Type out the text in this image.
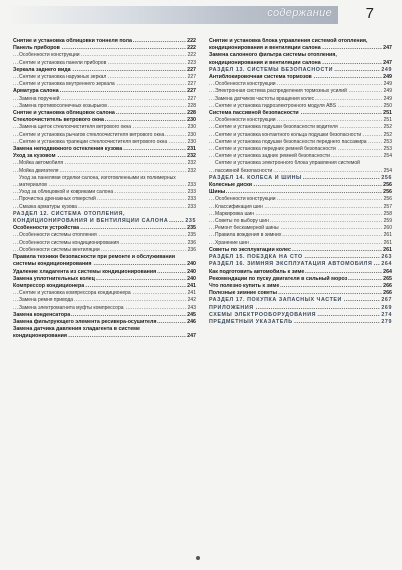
содержание 7
..... Снятие и установка облицовки тоннеля пола	222
..... Панель приборов	222
..... Особенности конструкции	222
..... Снятие и установка панели приборов	223
..... Зеркала заднего вида	227
..... Снятие и установка наружных зеркал	227
..... Снятие и установка внутреннего зеркала	227
..... Арматура салона	227
..... Замена поручней	227
..... Замена противосолнечных козырьков	228
..... Снятие и установка облицовок салона	228
..... Стеклоочиститель ветрового окна	230
..... Замена щеток стеклоочистителя ветрового окна	230
..... Снятие и установка рычагов стеклоочистителя ветрового окна	230
..... Снятие и установка трапеции стеклоочистителя ветрового окна	230
..... Замена неподвижного остекления кузова	231
..... Уход за кузовом	232
..... Мойка автомобиля	232
..... Мойка двигателя	232
..... Уход за панелями отделки салона, изготовленными из полимерных материалов	233
..... Уход за облицовкой и ковриками салона	233
..... Прочистка дренажных отверстий	233
..... Смазка арматуры кузова	233
..... РАЗДЕЛ 12. СИСТЕМА ОТОПЛЕНИЯ, КОНДИЦИОНИРОВАНИЯ И ВЕНТИЛЯЦИИ САЛОНА	235
..... Особенности устройства	235
..... Особенности системы отопления	235
..... Особенности системы кондиционирования	236
..... Особенности системы вентиляции	236
..... Правила техники безопасности при ремонте и обслуживании системы кондиционирования	240
..... Удаление хладагента из системы кондиционирования	240
..... Замена уплотнительных колец	240
..... Компрессор кондиционера	241
..... Снятие и установка компрессора кондиционера	241
..... Замена ремня привода	242
..... Замена электромагнита муфты компрессора	243
..... Замена конденсатора	245
..... Замена фильтрующего элемента ресивера-осушителя	246
..... Замена датчика давления хладагента в системе кондиционирования	247
..... Снятие и установка блока управления системой отопления, кондиционирования и вентиляции салона	247
..... Замена салонного фильтра системы отопления, кондиционирования и вентиляции салона	247
..... РАЗДЕЛ 13. СИСТЕМЫ БЕЗОПАСНОСТИ	249
..... Антиблокировочная система тормозов	249
..... Особенности конструкции	249
..... Электронная система распределения тормозных усилий	249
..... Замена датчиков частоты вращения колес	249
..... Снятие и установка гидроэлектронного модуля ABS	250
..... Система пассивной безопасности	251
..... Особенности конструкции	251
..... Снятие и установка подушки безопасности водителя	252
..... Снятие и установка контактного кольца подушки безопасности	252
..... Снятие и установка подушки безопасности переднего пассажира	253
..... Снятие и установка передних ремней безопасности	253
..... Снятие и установка задних ремней безопасности	254
..... Снятие и установка электронного блока управления системой пассивной безопасности	254
..... РАЗДЕЛ 14. КОЛЕСА И ШИНЫ	256
..... Колесные диски	256
..... Шины	256
..... Особенности конструкции	256
..... Классификация шин	257
..... Маркировка шин	258
..... Советы по выбору шин	259
..... Ремонт бескамерной шины	260
..... Правила вождения в зимних	261
..... Хранение шин	261
..... Советы по эксплуатации колес	261
..... РАЗДЕЛ 15. ПОЕЗДКА НА СТО	263
..... РАЗДЕЛ 16. ЗИМНЯЯ ЭКСПЛУАТАЦИЯ АВТОМОБИЛЯ 264
..... Как подготовить автомобиль к зиме	264
..... Рекомендации по пуску двигателя в сильный мороз	265
..... Что полезно купить к зиме	266
..... Полезные зимние советы	266
..... РАЗДЕЛ 17. ПОКУПКА ЗАПАСНЫХ ЧАСТЕЙ	267
..... ПРИЛОЖЕНИЯ	269
..... СХЕМЫ ЭЛЕКТРООБОРУДОВАНИЯ	274
..... ПРЕДМЕТНЫЙ УКАЗАТЕЛЬ	279
